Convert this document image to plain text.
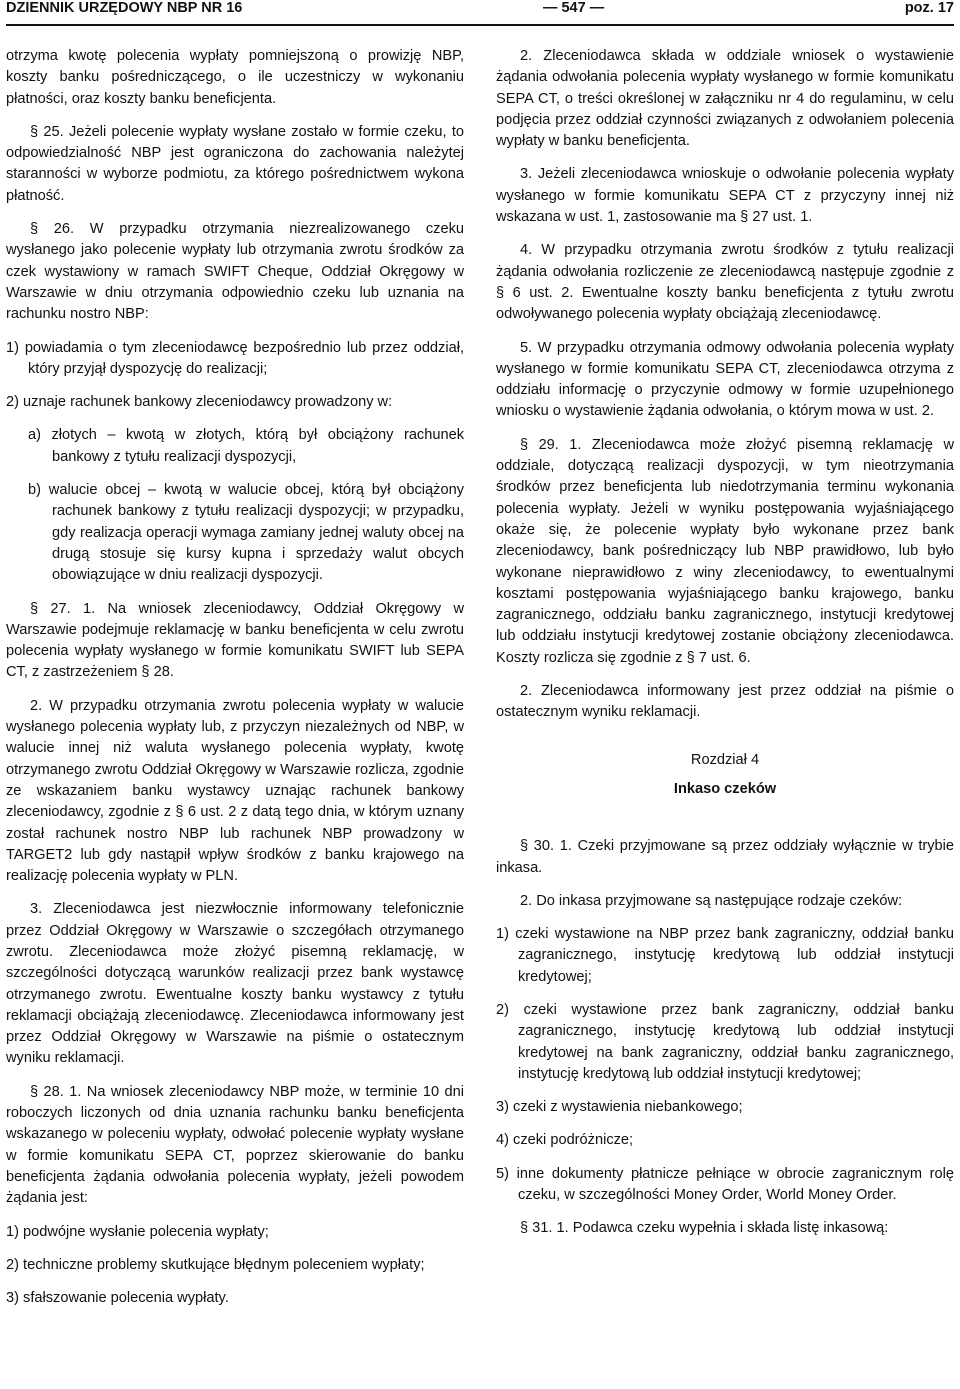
DZIENNIK URZĘDOWY NBP NR 16	— 547 —	poz. 17

otrzyma kwotę polecenia wypłaty pomniejszoną o prowizję NBP, koszty banku pośredniczącego, o ile uczestniczy w wykonaniu płatności, oraz koszty banku beneficjenta.

§ 25. Jeżeli polecenie wypłaty wysłane zostało w formie czeku, to odpowiedzialność NBP jest ograniczona do zachowania należytej staranności w wyborze podmiotu, za którego pośrednictwem wykona płatność.

§ 26. W przypadku otrzymania niezrealizowanego czeku wysłanego jako polecenie wypłaty lub otrzymania zwrotu środków za czek wystawiony w ramach SWIFT Cheque, Oddział Okręgowy w Warszawie w dniu otrzymania odpowiednio czeku lub uznania na rachunku nostro NBP:

1) powiadamia o tym zleceniodawcę bezpośrednio lub przez oddział, który przyjął dyspozycję do realizacji;

2) uznaje rachunek bankowy zleceniodawcy prowadzony w:

a) złotych – kwotą w złotych, którą był obciążony rachunek bankowy z tytułu realizacji dyspozycji,

b) walucie obcej – kwotą w walucie obcej, którą był obciążony rachunek bankowy z tytułu realizacji dyspozycji; w przypadku, gdy realizacja operacji wymaga zamiany jednej waluty obcej na drugą stosuje się kursy kupna i sprzedaży walut obcych obowiązujące w dniu realizacji dyspozycji.

§ 27. 1. Na wniosek zleceniodawcy, Oddział Okręgowy w Warszawie podejmuje reklamację w banku beneficjenta w celu zwrotu polecenia wypłaty wysłanego w formie komunikatu SWIFT lub SEPA CT, z zastrzeżeniem § 28.

2. W przypadku otrzymania zwrotu polecenia wypłaty w walucie wysłanego polecenia wypłaty lub, z przyczyn niezależnych od NBP, w walucie innej niż waluta wysłanego polecenia wypłaty, kwotę otrzymanego zwrotu Oddział Okręgowy w Warszawie rozlicza, zgodnie ze wskazaniem banku wystawcy uznając rachunek bankowy zleceniodawcy, zgodnie z § 6 ust. 2 z datą tego dnia, w którym uznany został rachunek nostro NBP lub rachunek NBP prowadzony w TARGET2 lub gdy nastąpił wpływ środków z banku krajowego na realizację polecenia wypłaty w PLN.

3. Zleceniodawca jest niezwłocznie informowany telefonicznie przez Oddział Okręgowy w Warszawie o szczegółach otrzymanego zwrotu. Zleceniodawca może złożyć pisemną reklamację, w szczególności dotyczącą warunków realizacji przez bank wystawcę otrzymanego zwrotu. Ewentualne koszty banku wystawcy z tytułu reklamacji obciążają zleceniodawcę. Zleceniodawca informowany jest przez Oddział Okręgowy w Warszawie na piśmie o ostatecznym wyniku reklamacji.

§ 28. 1. Na wniosek zleceniodawcy NBP może, w terminie 10 dni roboczych liczonych od dnia uznania rachunku banku beneficjenta wskazanego w poleceniu wypłaty, odwołać polecenie wypłaty wysłane w formie komunikatu SEPA CT, poprzez skierowanie do banku beneficjenta żądania odwołania polecenia wypłaty, jeżeli powodem żądania jest:

1) podwójne wysłanie polecenia wypłaty;

2) techniczne problemy skutkujące błędnym poleceniem wypłaty;

3) sfałszowanie polecenia wypłaty.

2. Zleceniodawca składa w oddziale wniosek o wystawienie żądania odwołania polecenia wypłaty wysłanego w formie komunikatu SEPA CT, o treści określonej w załączniku nr 4 do regulaminu, w celu podjęcia przez oddział czynności związanych z odwołaniem polecenia wypłaty w banku beneficjenta.

3. Jeżeli zleceniodawca wnioskuje o odwołanie polecenia wypłaty wysłanego w formie komunikatu SEPA CT z przyczyny innej niż wskazana w ust. 1, zastosowanie ma § 27 ust. 1.

4. W przypadku otrzymania zwrotu środków z tytułu realizacji żądania odwołania rozliczenie ze zleceniodawcą następuje zgodnie z § 6 ust. 2. Ewentualne koszty banku beneficjenta z tytułu zwrotu odwoływanego polecenia wypłaty obciążają zleceniodawcę.

5. W przypadku otrzymania odmowy odwołania polecenia wypłaty wysłanego w formie komunikatu SEPA CT, zleceniodawca otrzyma z oddziału informację o przyczynie odmowy w formie uzupełnionego wniosku o wystawienie żądania odwołania, o którym mowa w ust. 2.

§ 29. 1. Zleceniodawca może złożyć pisemną reklamację w oddziale, dotyczącą realizacji dyspozycji, w tym nieotrzymania środków przez beneficjenta lub niedotrzymania terminu wykonania polecenia wypłaty. Jeżeli w wyniku postępowania wyjaśniającego okaże się, że polecenie wypłaty było wykonane przez bank zleceniodawcy, bank pośredniczący lub NBP prawidłowo, lub było wykonane nieprawidłowo z winy zleceniodawcy, to ewentualnymi kosztami postępowania wyjaśniającego banku krajowego, banku zagranicznego, oddziału banku zagranicznego, instytucji kredytowej lub oddziału instytucji kredytowej zostanie obciążony zleceniodawca. Koszty rozlicza się zgodnie z § 7 ust. 6.

2. Zleceniodawca informowany jest przez oddział na piśmie o ostatecznym wyniku reklamacji.

Rozdział 4
Inkaso czeków

§ 30. 1. Czeki przyjmowane są przez oddziały wyłącznie w trybie inkasa.

2. Do inkasa przyjmowane są następujące rodzaje czeków:

1) czeki wystawione na NBP przez bank zagraniczny, oddział banku zagranicznego, instytucję kredytową lub oddział instytucji kredytowej;

2) czeki wystawione przez bank zagraniczny, oddział banku zagranicznego, instytucję kredytową lub oddział instytucji kredytowej na bank zagraniczny, oddział banku zagranicznego, instytucję kredytową lub oddział instytucji kredytowej;

3) czeki z wystawienia niebankowego;

4) czeki podróżnicze;

5) inne dokumenty płatnicze pełniące w obrocie zagranicznym rolę czeku, w szczególności Money Order, World Money Order.

§ 31. 1. Podawca czeku wypełnia i składa listę inkasową:
